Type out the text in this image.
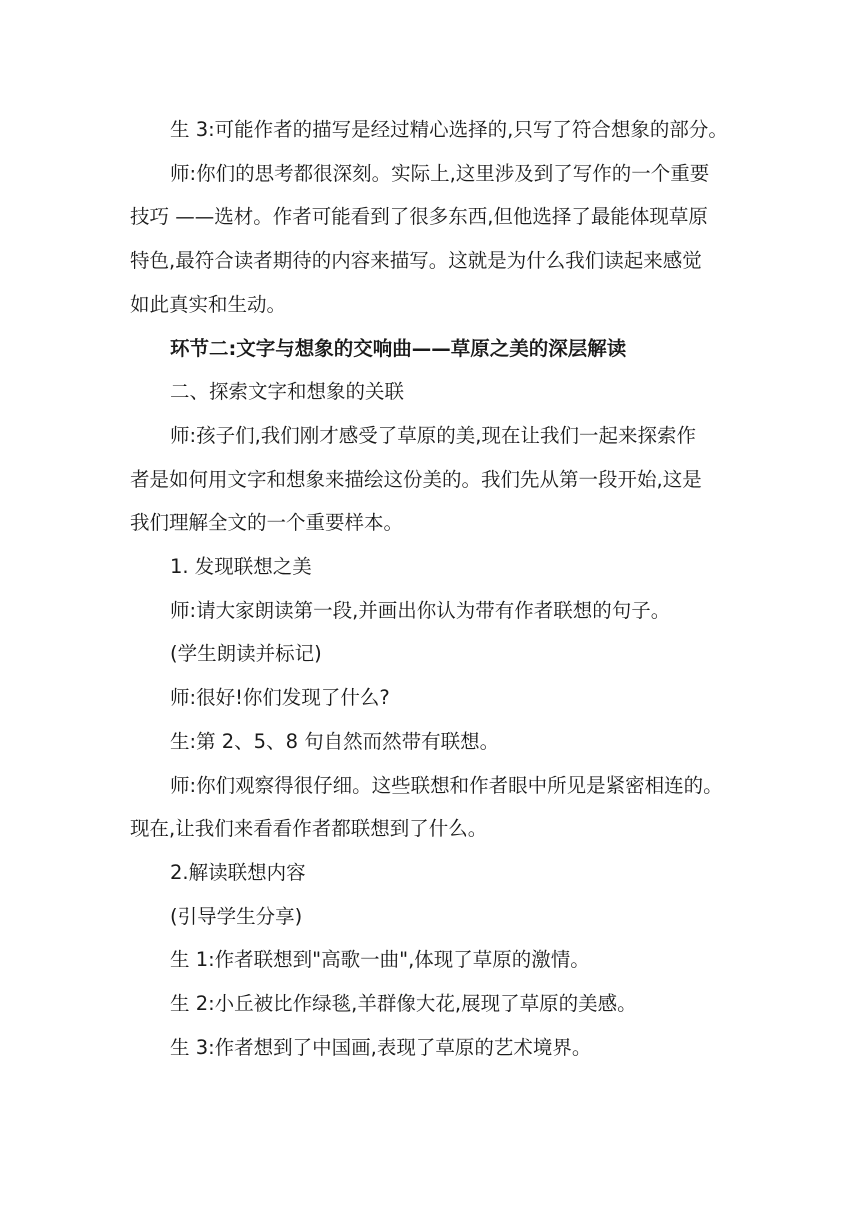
生 3:可能作者的描写是经过精心选择的,只写了符合想象的部分。

师:你们的思考都很深刻。实际上,这里涉及到了写作的一个重要
技巧 ——选材。作者可能看到了很多东西,但他选择了最能体现草原
特色,最符合读者期待的内容来描写。这就是为什么我们读起来感觉
如此真实和生动。

环节二:文字与想象的交响曲——草原之美的深层解读

二、探索文字和想象的关联

师:孩子们,我们刚才感受了草原的美,现在让我们一起来探索作
者是如何用文字和想象来描绘这份美的。我们先从第一段开始,这是
我们理解全文的一个重要样本。

1. 发现联想之美

师:请大家朗读第一段,并画出你认为带有作者联想的句子。

(学生朗读并标记)

师:很好!你们发现了什么?

生:第 2、5、8 句自然而然带有联想。

师:你们观察得很仔细。这些联想和作者眼中所见是紧密相连的。
现在,让我们来看看作者都联想到了什么。

2.解读联想内容

(引导学生分享)

生 1:作者联想到"高歌一曲",体现了草原的激情。

生 2:小丘被比作绿毯,羊群像大花,展现了草原的美感。

生 3:作者想到了中国画,表现了草原的艺术境界。
